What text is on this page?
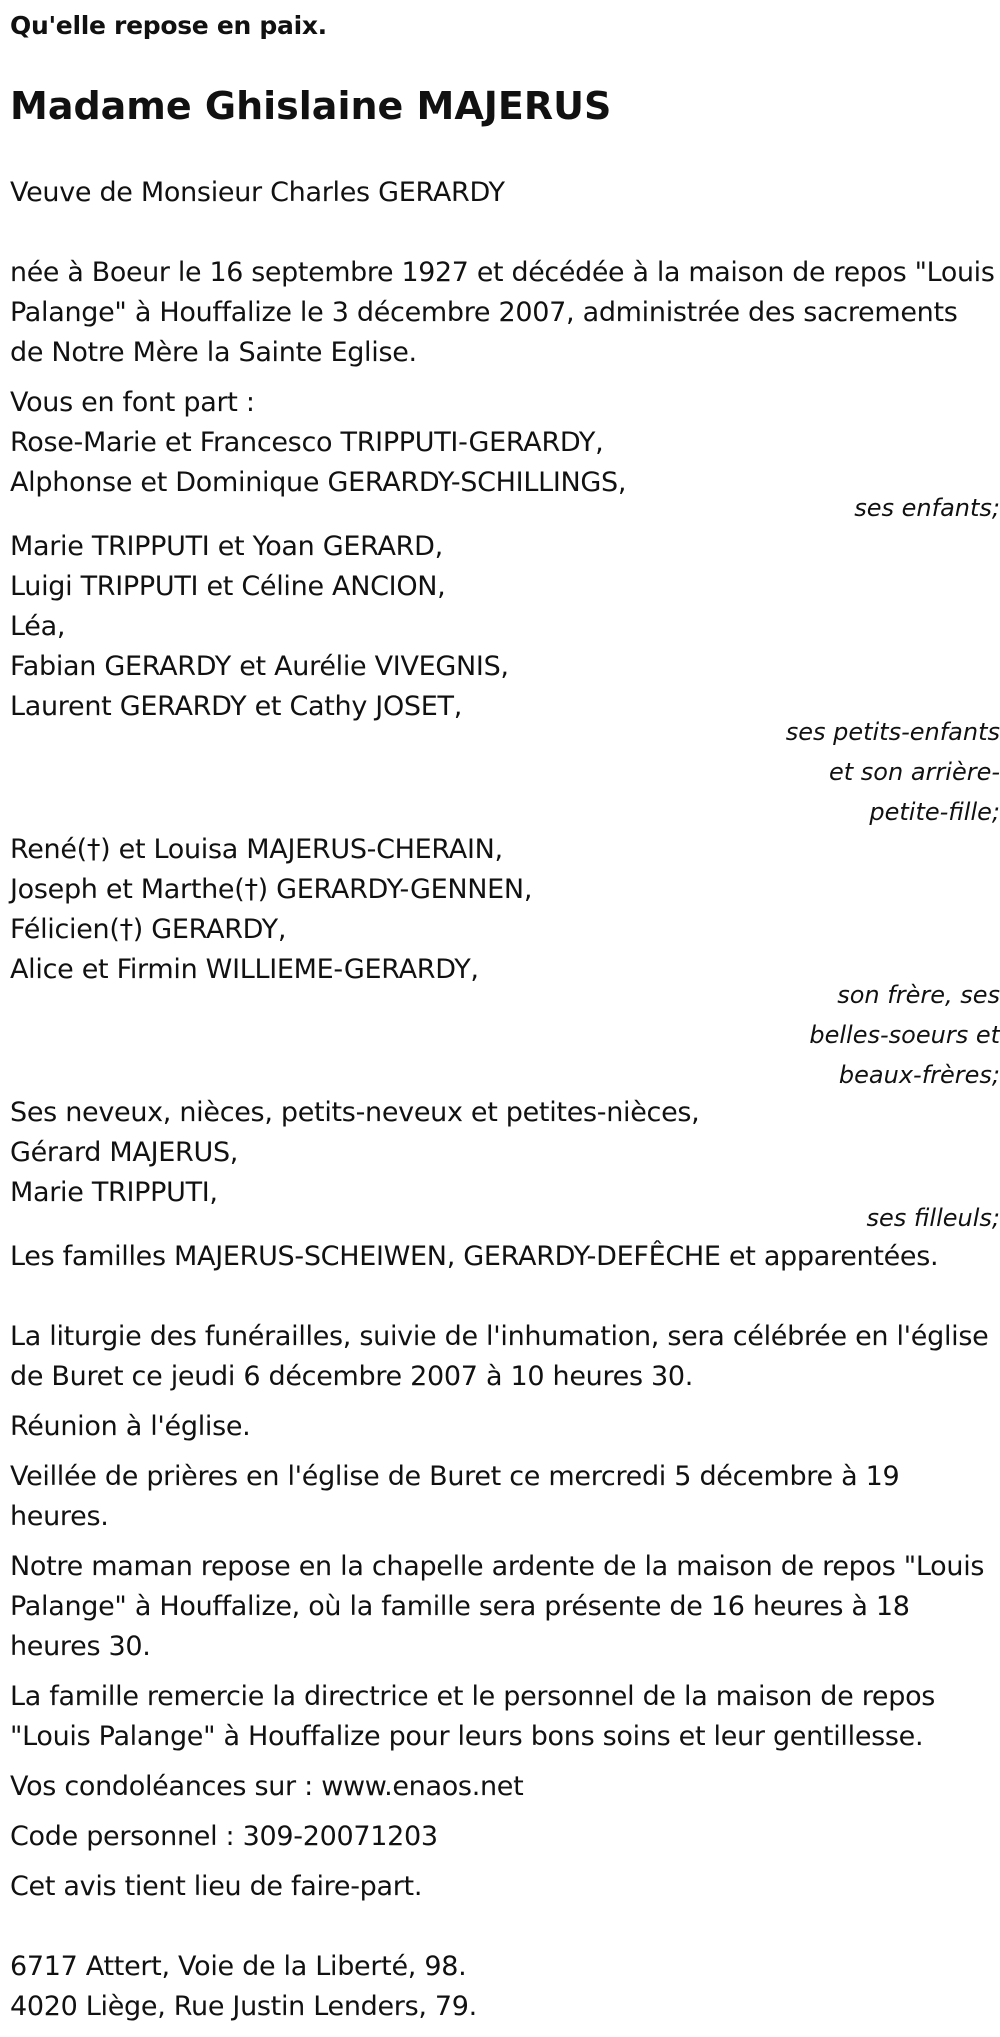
Qu'elle repose en paix.
Madame Ghislaine MAJERUS
Veuve de Monsieur Charles GERARDY
née à Boeur le 16 septembre 1927 et décédée à la maison de repos "Louis
Palange" à Houffalize le 3 décembre 2007, administrée des sacrements
de Notre Mère la Sainte Eglise.
Vous en font part :
Rose-Marie et Francesco TRIPPUTI-GERARDY,
Alphonse et Dominique GERARDY-SCHILLINGS,
ses enfants;
Marie TRIPPUTI et Yoan GERARD,
Luigi TRIPPUTI et Céline ANCION,
Léa,
Fabian GERARDY et Aurélie VIVEGNIS,
Laurent GERARDY et Cathy JOSET,
ses petits-enfants
et son arrière-
petite-fille;
René(†) et Louisa MAJERUS-CHERAIN,
Joseph et Marthe(†) GERARDY-GENNEN,
Félicien(†) GERARDY,
Alice et Firmin WILLIEME-GERARDY,
son frère, ses
belles-soeurs et
beaux-frères;
Ses neveux, nièces, petits-neveux et petites-nièces,
Gérard MAJERUS,
Marie TRIPPUTI,
ses filleuls;
Les familles MAJERUS-SCHEIWEN, GERARDY-DEFÊCHE et apparentées.
La liturgie des funérailles, suivie de l'inhumation, sera célébrée en l'église
de Buret ce jeudi 6 décembre 2007 à 10 heures 30.
Réunion à l'église.
Veillée de prières en l'église de Buret ce mercredi 5 décembre à 19
heures.
Notre maman repose en la chapelle ardente de la maison de repos "Louis
Palange" à Houffalize, où la famille sera présente de 16 heures à 18
heures 30.
La famille remercie la directrice et le personnel de la maison de repos
"Louis Palange" à Houffalize pour leurs bons soins et leur gentillesse.
Vos condoléances sur : www.enaos.net
Code personnel : 309-20071203
Cet avis tient lieu de faire-part.
6717 Attert, Voie de la Liberté, 98.
4020 Liège, Rue Justin Lenders, 79.
